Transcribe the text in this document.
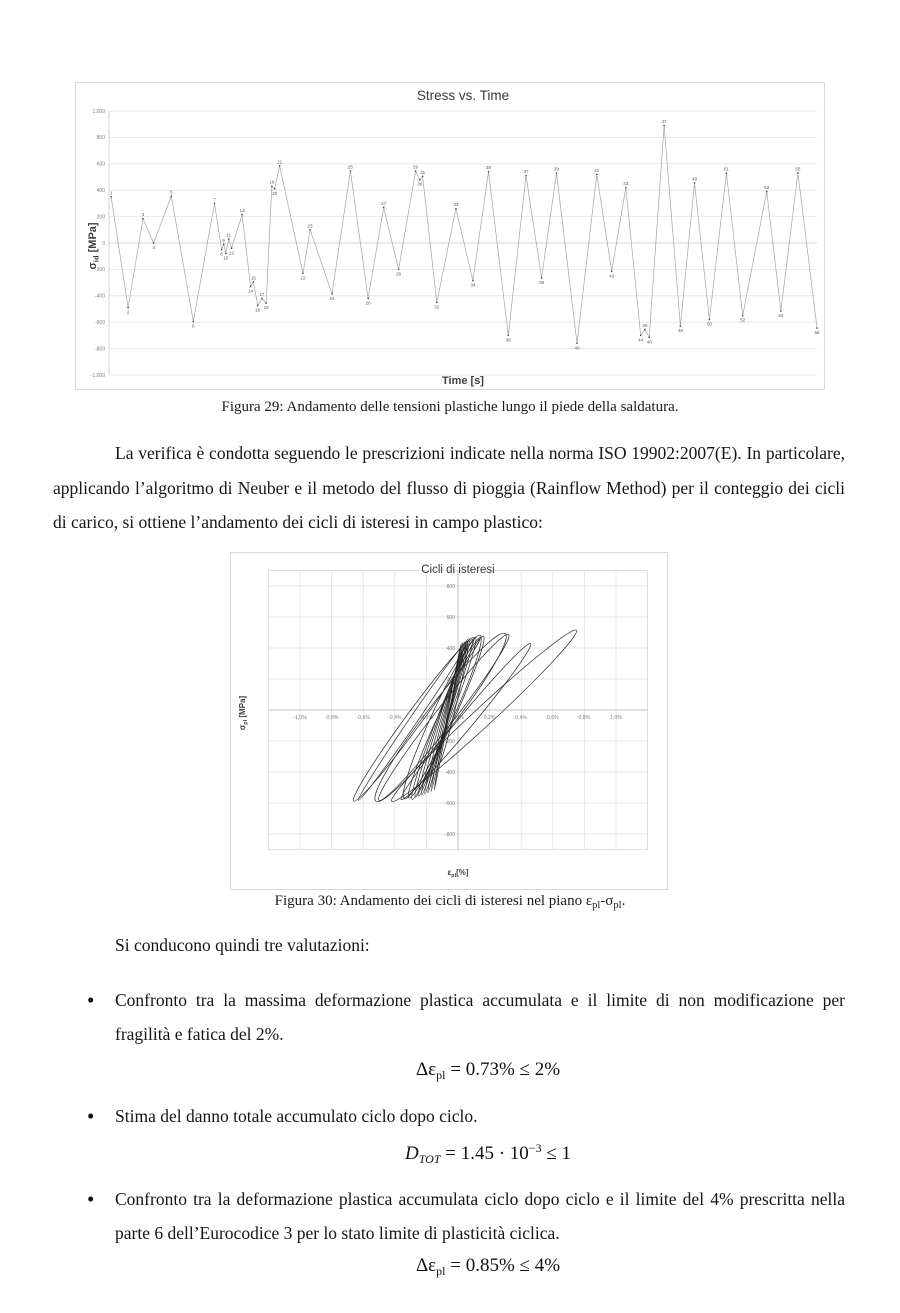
1.000
800
600
400
200
0
-200
-400
-600
-800
-1.000
Stress vs. Time
Time [s]
$\sigma_{id}$ [MPa]
1
2
3
4
5
6
7
8
9
10
11
12
13
14
15
16
17
18
19
20
21
22
23
24
25
26
27
28
29
30
31
32
33
34
35
36
37
38
39
40
41
42
43
44
45
46
47
48
49
50
51
52
53
54
55
56
Figura 29: Andamento delle tensioni plastiche lungo il piede della saldatura.

La verifica è condotta seguendo le prescrizioni indicate nella norma ISO 19902:2007(E). In particolare, applicando l’algoritmo di Neuber e il metodo del flusso di pioggia (Rainflow Method) per il conteggio dei cicli di carico, si ottiene l’andamento dei cicli di isteresi in campo plastico:

800
600
400
200
-200
-400
-600
-800
-1,0%	-0,8%	-0,6%	-0,4%	-0,2%	0,0%	0,2%	0,4%	0,6%	0,8%	1,0%
Cicli di isteresi
$\varepsilon_{pl}[\%]$
$\sigma_{pl}$ [MPa]
Figura 30: Andamento dei cicli di isteresi nel piano $\varepsilon_{pl}-\sigma_{pl}$.

Si conducono quindi tre valutazioni:

• Confronto tra la massima deformazione plastica accumulata e il limite di non modificazione per fragilità e fatica del 2%.
$\Delta\varepsilon_{pl} = 0.73\% \le 2\%$
• Stima del danno totale accumulato ciclo dopo ciclo.
$D_{TOT} = 1.45 \cdot 10^{-3} \le 1$
• Confronto tra la deformazione plastica accumulata ciclo dopo ciclo e il limite del 4% prescritta nella parte 6 dell’Eurocodice 3 per lo stato limite di plasticità ciclica.
$\Delta\varepsilon_{pl} = 0.85\% \le 4\%$
